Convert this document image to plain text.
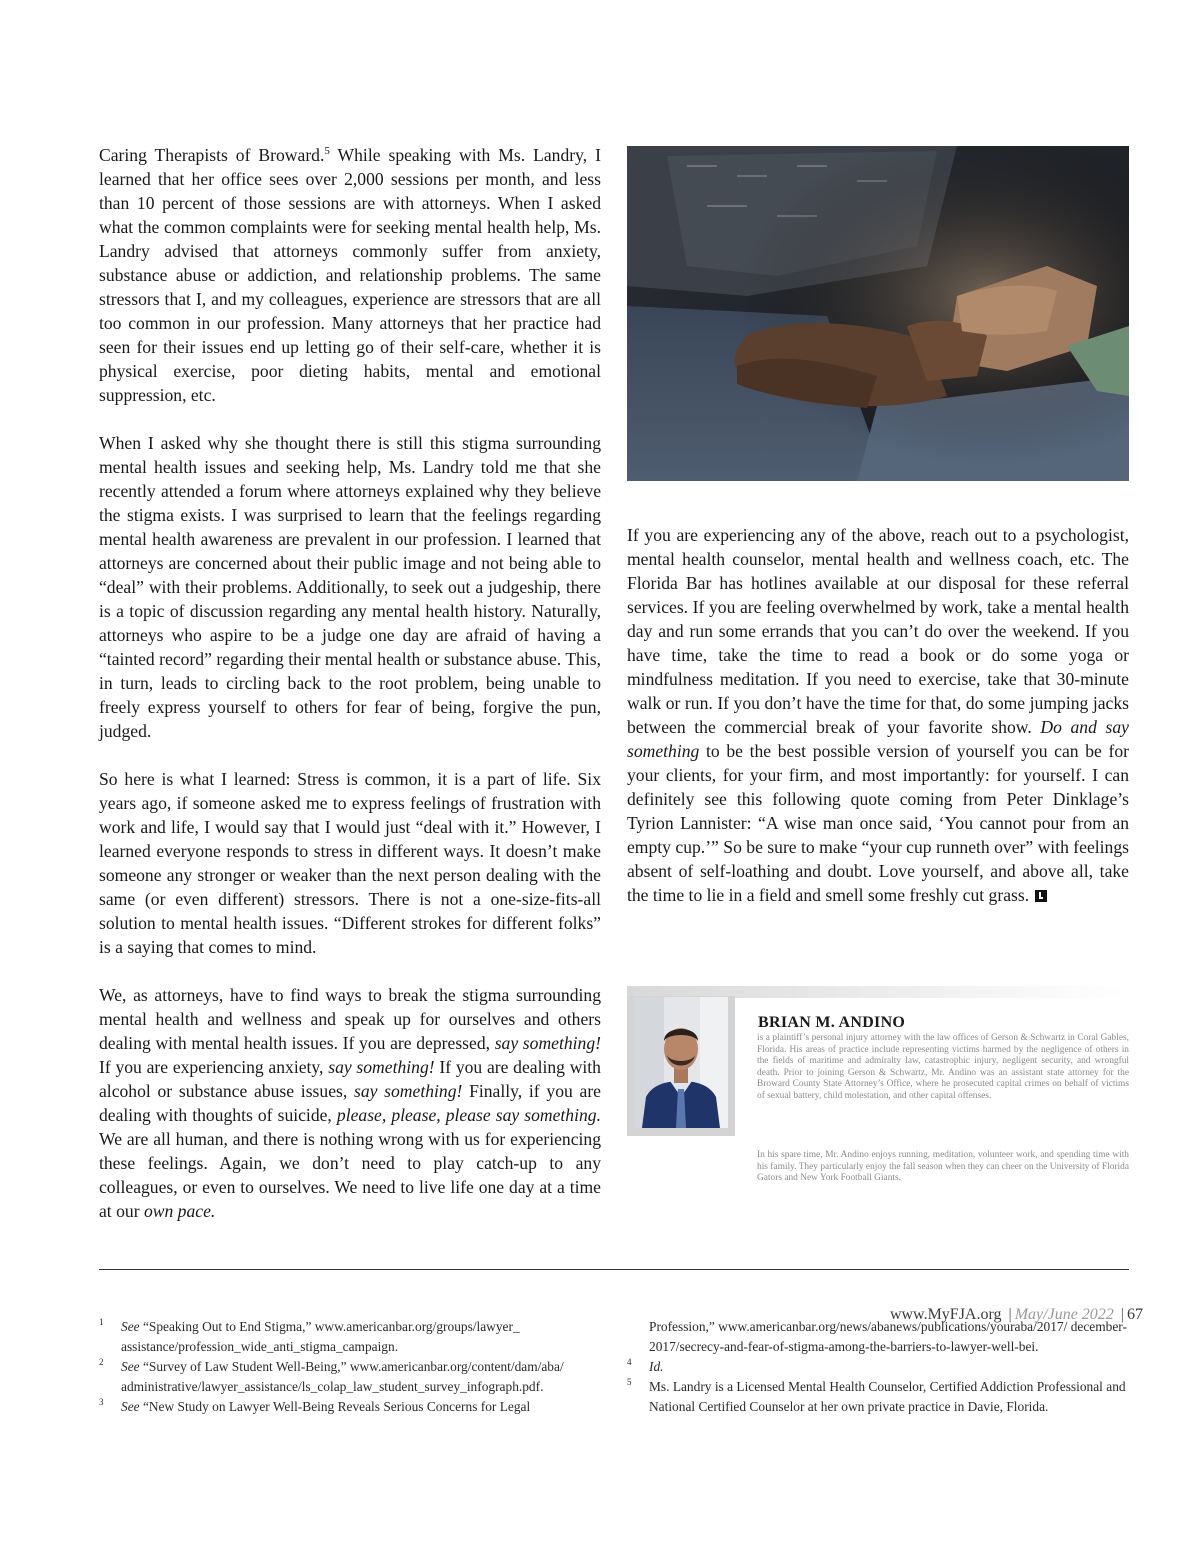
Caring Therapists of Broward.$^5$ While speaking with Ms. Landry, I learned that her office sees over 2,000 sessions per month, and less than 10 percent of those sessions are with attorneys. When I asked what the common complaints were for seeking mental health help, Ms. Landry advised that attorneys commonly suffer from anxiety, substance abuse or addiction, and relationship problems. The same stressors that I, and my colleagues, experience are stressors that are all too common in our profession. Many attorneys that her practice had seen for their issues end up letting go of their self-care, whether it is physical exercise, poor dieting habits, mental and emotional suppression, etc.

When I asked why she thought there is still this stigma surrounding mental health issues and seeking help, Ms. Landry told me that she recently attended a forum where attorneys explained why they believe the stigma exists. I was surprised to learn that the feelings regarding mental health awareness are prevalent in our profession. I learned that attorneys are concerned about their public image and not being able to “deal” with their problems. Additionally, to seek out a judgeship, there is a topic of discussion regarding any mental health history. Naturally, attorneys who aspire to be a judge one day are afraid of having a “tainted record” regarding their mental health or substance abuse. This, in turn, leads to circling back to the root problem, being unable to freely express yourself to others for fear of being, forgive the pun, judged.

So here is what I learned: Stress is common, it is a part of life. Six years ago, if someone asked me to express feelings of frustration with work and life, I would say that I would just “deal with it.” However, I learned everyone responds to stress in different ways. It doesn’t make someone any stronger or weaker than the next person dealing with the same (or even different) stressors. There is not a one-size-fits-all solution to mental health issues. “Different strokes for different folks” is a saying that comes to mind.

We, as attorneys, have to find ways to break the stigma surrounding mental health and wellness and speak up for ourselves and others dealing with mental health issues. If you are depressed, say something! If you are experiencing anxiety, say something! If you are dealing with alcohol or substance abuse issues, say something! Finally, if you are dealing with thoughts of suicide, please, please, please say something. We are all human, and there is nothing wrong with us for experiencing these feelings. Again, we don’t need to play catch-up to any colleagues, or even to ourselves. We need to live life one day at a time at our own pace.

If you are experiencing any of the above, reach out to a psychologist, mental health counselor, mental health and wellness coach, etc. The Florida Bar has hotlines available at our disposal for these referral services. If you are feeling overwhelmed by work, take a mental health day and run some errands that you can’t do over the weekend. If you have time, take the time to read a book or do some yoga or mindfulness meditation. If you need to exercise, take that 30-minute walk or run. If you don’t have the time for that, do some jumping jacks between the commercial break of your favorite show. Do and say something to be the best possible version of yourself you can be for your clients, for your firm, and most importantly: for yourself. I can definitely see this following quote coming from Peter Dinklage’s Tyrion Lannister: “A wise man once said, ‘You cannot pour from an empty cup.’” So be sure to make “your cup runneth over” with feelings absent of self-loathing and doubt. Love yourself, and above all, take the time to lie in a field and smell some freshly cut grass.

BRIAN M. ANDINO

is a plaintiff’s personal injury attorney with the law offices of Gerson & Schwartz in Coral Gables, Florida. His areas of practice include representing victims harmed by the negligence of others in the fields of maritime and admiralty law, catastrophic injury, negligent security, and wrongful death. Prior to joining Gerson & Schwartz, Mr. Andino was an assistant state attorney for the Broward County State Attorney’s Office, where he prosecuted capital crimes on behalf of victims of sexual battery, child molestation, and other capital offenses.

In his spare time, Mr. Andino enjoys running, meditation, volunteer work, and spending time with his family. They particularly enjoy the fall season when they can cheer on the University of Florida Gators and New York Football Giants.

1 See “Speaking Out to End Stigma,” www.americanbar.org/groups/lawyer_ assistance/profession_wide_anti_stigma_campaign.

2 See “Survey of Law Student Well-Being,” www.americanbar.org/content/dam/aba/ administrative/lawyer_assistance/ls_colap_law_student_survey_infograph.pdf.

3 See “New Study on Lawyer Well-Being Reveals Serious Concerns for Legal

Profession,” www.americanbar.org/news/abanews/publications/youraba/2017/ december-2017/secrecy-and-fear-of-stigma-among-the-barriers-to-lawyer-well-bei.

4 Id.

5 Ms. Landry is a Licensed Mental Health Counselor, Certified Addiction Professional and National Certified Counselor at her own private practice in Davie, Florida.

www.MyFJA.org | May/June 2022 | 67
